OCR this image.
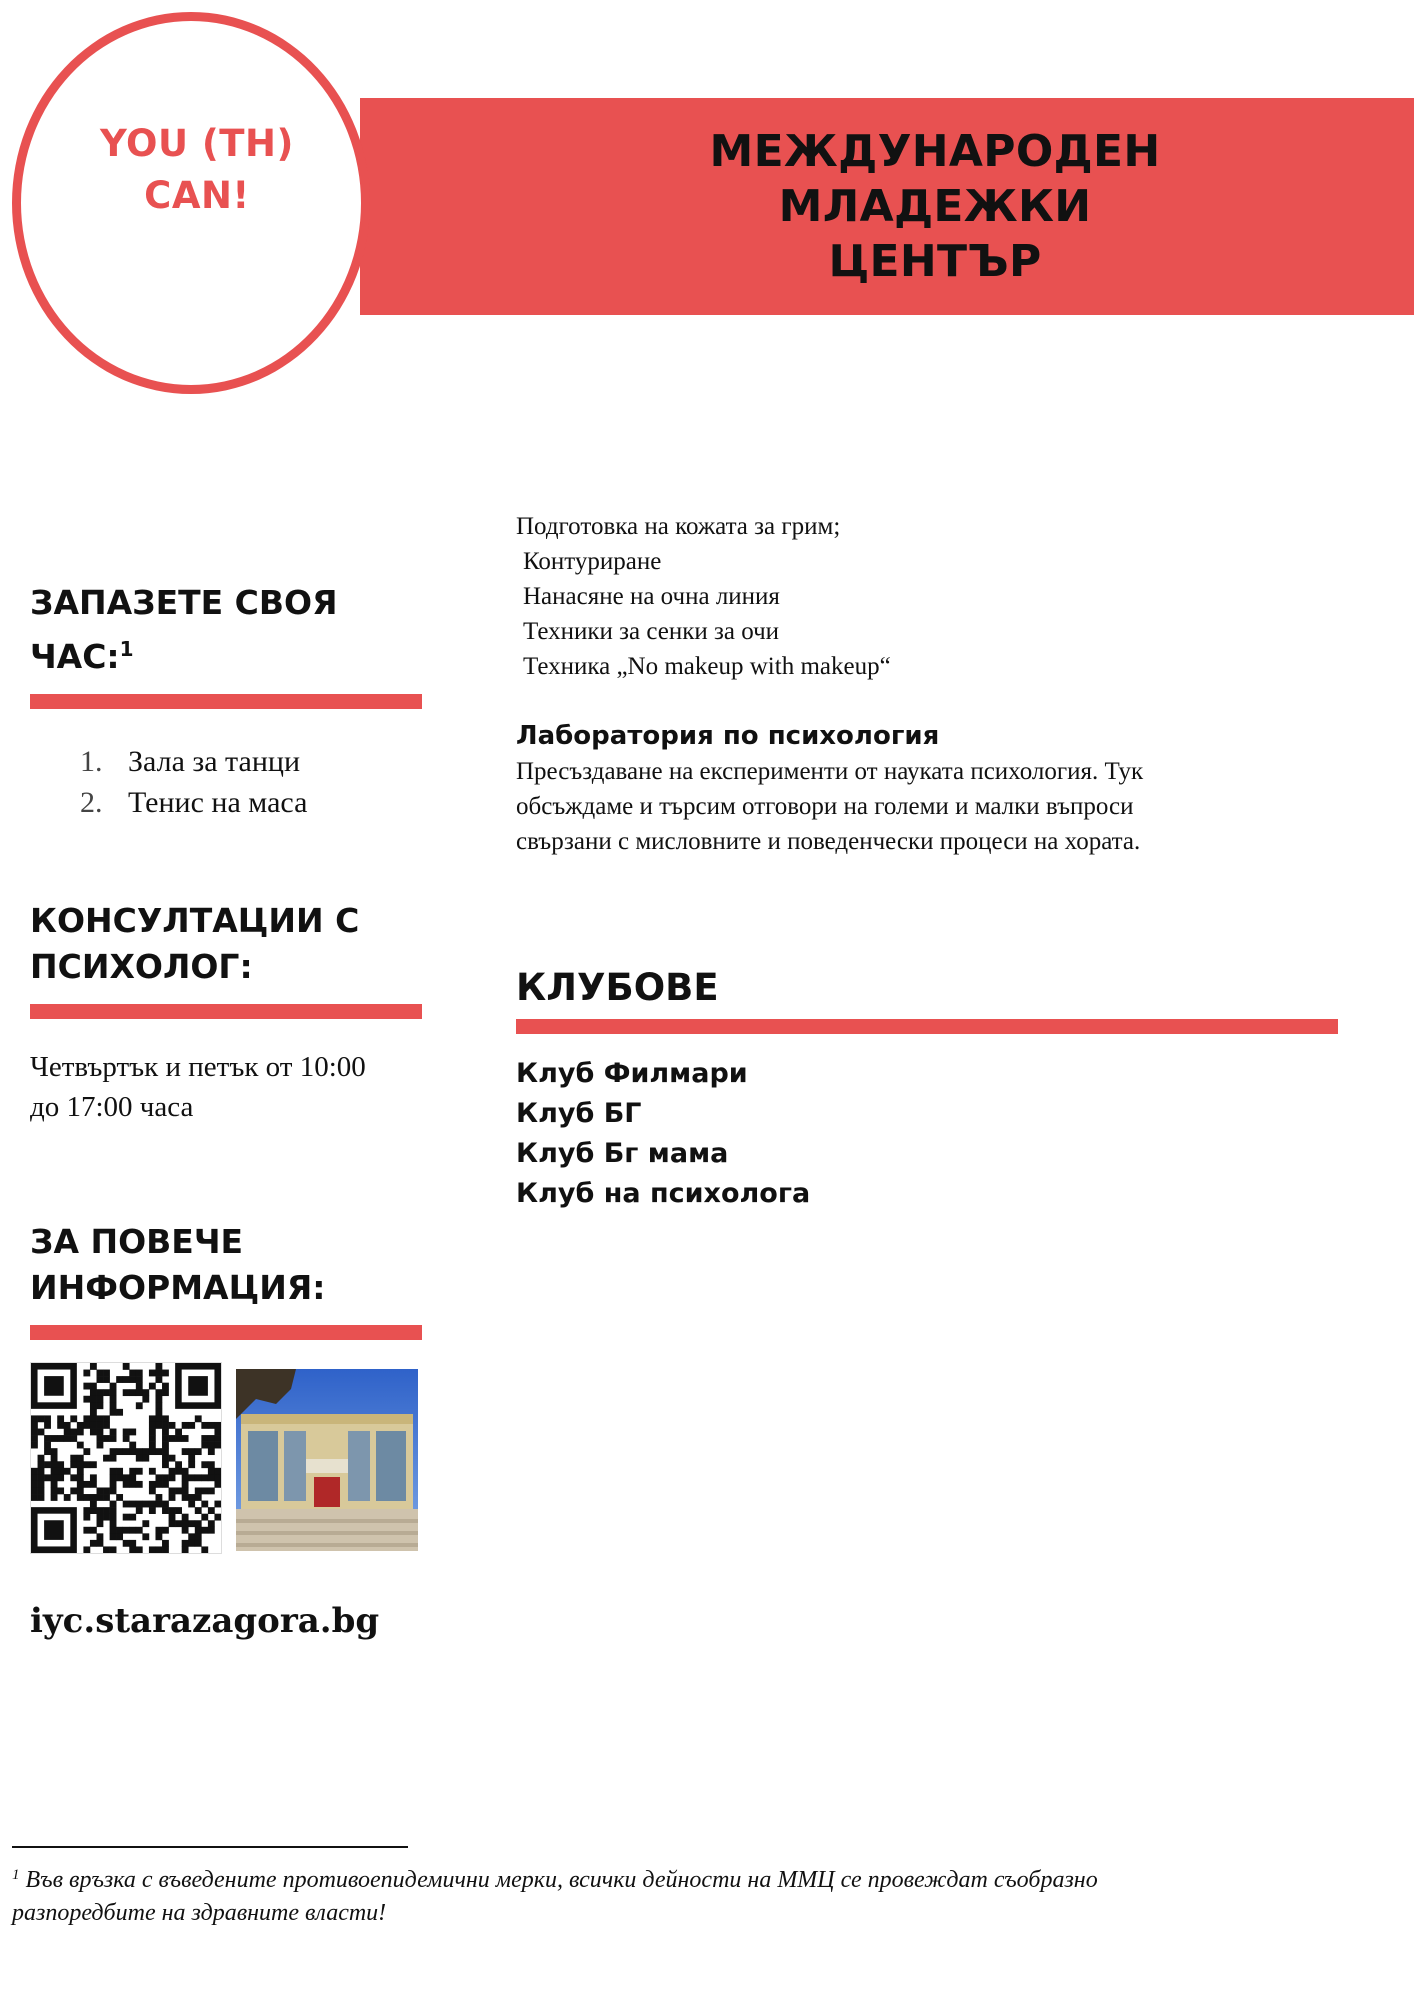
YOU (TH)
CAN!

МЕЖДУНАРОДЕН МЛАДЕЖКИ
ЦЕНТЪР
ЗАПАЗЕТЕ СВОЯ
ЧАС:$^1$
1. Зала за танци
2. Тенис на маса
КОНСУЛТАЦИИ С
ПСИХОЛОГ:

Четвъртък и петък от 10:00
до 17:00 часа

ЗА ПОВЕЧЕ
ИНФОРМАЦИЯ:

iyc.starazagora.bg

Подготовка на кожата за грим;
Контуриране
Нанасяне на очна линия
Техники за сенки за очи
Техника „No makeup with makeup“
Лаборатория по психология

Пресъздаване на експерименти от науката психология. Тук
обсъждаме и търсим отговори на големи и малки въпроси
свързани с мисловните и поведенчески процеси на хората.

КЛУБОВЕ
Клуб Филмари
Клуб БГ
Клуб Бг мама
Клуб на психолога

$^1$ Във връзка с въведените противоепидемични мерки, всички дейности на ММЦ се провеждат съобразно
разпоредбите на здравните власти!
